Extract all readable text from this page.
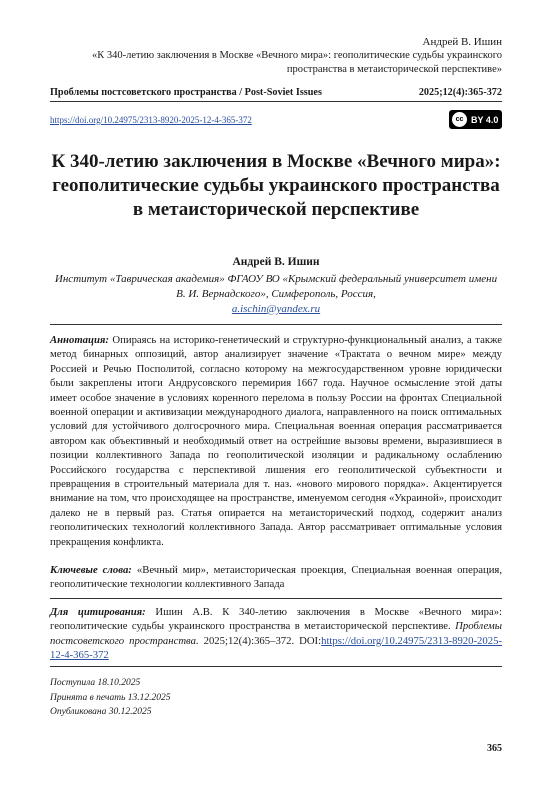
Андрей В. Ишин
«К 340-летию заключения в Москве «Вечного мира»: геополитические судьбы украинского пространства в метаисторической перспективе»
Проблемы постсоветского пространства / Post-Soviet Issues	2025;12(4):365-372
https://doi.org/10.24975/2313-8920-2025-12-4-365-372	cc BY 4.0
К 340-летию заключения в Москве «Вечного мира»: геополитические судьбы украинского пространства в метаисторической перспективе
Андрей В. Ишин
Институт «Таврическая академия» ФГАОУ ВО «Крымский федеральный университет имени В. И. Вернадского», Симферополь, Россия,
a.ischin@yandex.ru
Аннотация: Опираясь на историко-генетический и структурно-функциональный анализ, а также метод бинарных оппозиций, автор анализирует значение «Трактата о вечном мире» между Россией и Речью Посполитой, согласно которому на межгосударственном уровне юридически были закреплены итоги Андрусовского перемирия 1667 года. Научное осмысление этой даты имеет особое значение в условиях коренного перелома в пользу России на фронтах Специальной военной операции и активизации международного диалога, направленного на поиск оптимальных условий для устойчивого долгосрочного мира. Специальная военная операция рассматривается автором как объективный и необходимый ответ на острейшие вызовы времени, выразившиеся в позиции коллективного Запада по геополитической изоляции и радикальному ослаблению Российского государства с перспективой лишения его геополитической субъектности и превращения в строительный материала для т. наз. «нового мирового порядка». Акцентируется внимание на том, что происходящее на пространстве, именуемом сегодня «Украиной», происходит далеко не в первый раз. Статья опирается на метаисторический подход, содержит анализ геополитических технологий коллективного Запада. Автор рассматривает оптимальные условия прекращения конфликта.
Ключевые слова: «Вечный мир», метаисторическая проекция, Специальная военная операция, геополитические технологии коллективного Запада
Для цитирования: Ишин А.В. К 340-летию заключения в Москве «Вечного мира»: геополитические судьбы украинского пространства в метаисторической перспективе. Проблемы постсоветского пространства. 2025;12(4):365–372. DOI:https://doi.org/10.24975/2313-8920-2025-12-4-365-372
Поступила 18.10.2025
Принята в печать 13.12.2025
Опубликована 30.12.2025
365
